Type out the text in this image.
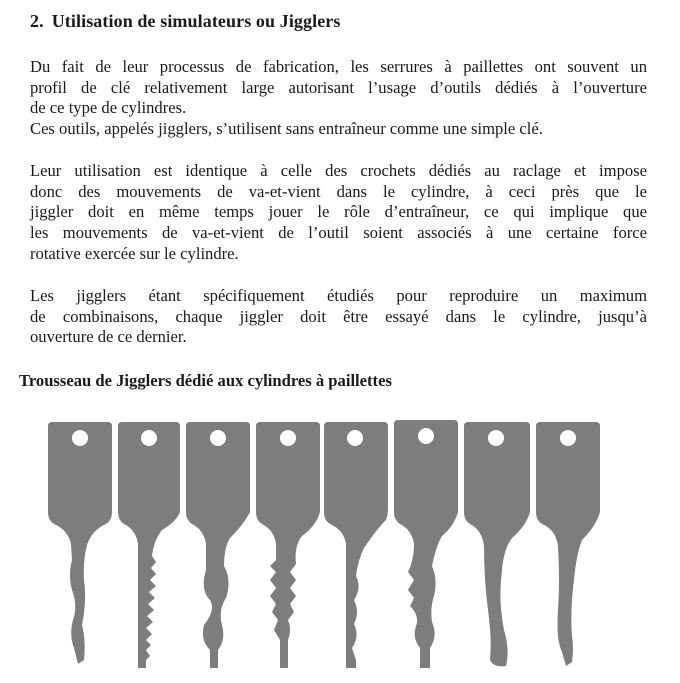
2. Utilisation de simulateurs ou Jigglers

Du fait de leur processus de fabrication, les serrures à paillettes ont souvent un
profil de clé relativement large autorisant l’usage d’outils dédiés à l’ouverture
de ce type de cylindres.
Ces outils, appelés jigglers, s’utilisent sans entraîneur comme une simple clé.

Leur utilisation est identique à celle des crochets dédiés au raclage et impose
donc des mouvements de va-et-vient dans le cylindre, à ceci près que le
jiggler doit en même temps jouer le rôle d’entraîneur, ce qui implique que
les mouvements de va-et-vient de l’outil soient associés à une certaine force
rotative exercée sur le cylindre.

Les jigglers étant spécifiquement étudiés pour reproduire un maximum
de combinaisons, chaque jiggler doit être essayé dans le cylindre, jusqu’à
ouverture de ce dernier.

Trousseau de Jigglers dédié aux cylindres à paillettes
